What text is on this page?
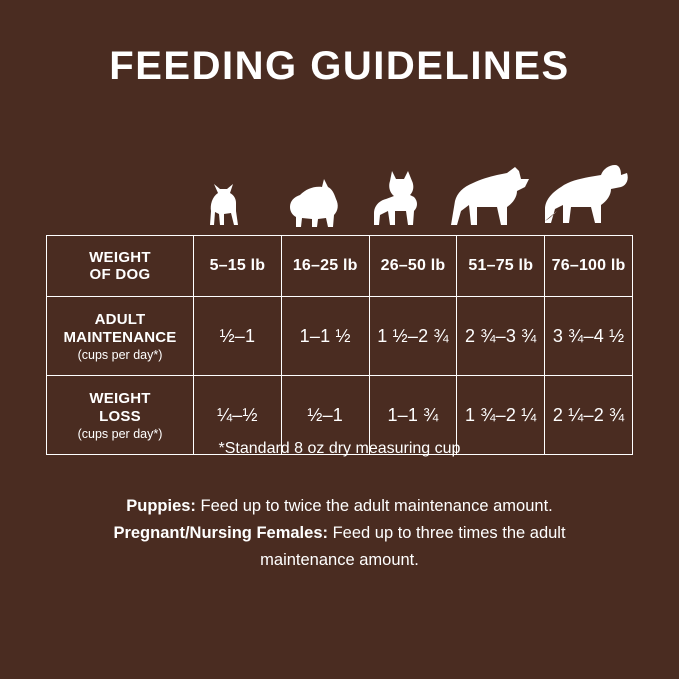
FEEDING GUIDELINES
WEIGHT
OF DOG	5–15 lb	16–25 lb	26–50 lb	51–75 lb	76–100 lb

ADULT
MAINTENANCE
(cups per day*)	½–1	1–1 ½	1 ½–2 ¾	2 ¾–3 ¾	3 ¾–4 ½

WEIGHT
LOSS
(cups per day*)	¼–½	½–1	1–1 ¾	1 ¾–2 ¼	2 ¼–2 ¾
*Standard 8 oz dry measuring cup

Puppies: Feed up to twice the adult maintenance amount.

Pregnant/Nursing Females: Feed up to three times the adult

maintenance amount.
